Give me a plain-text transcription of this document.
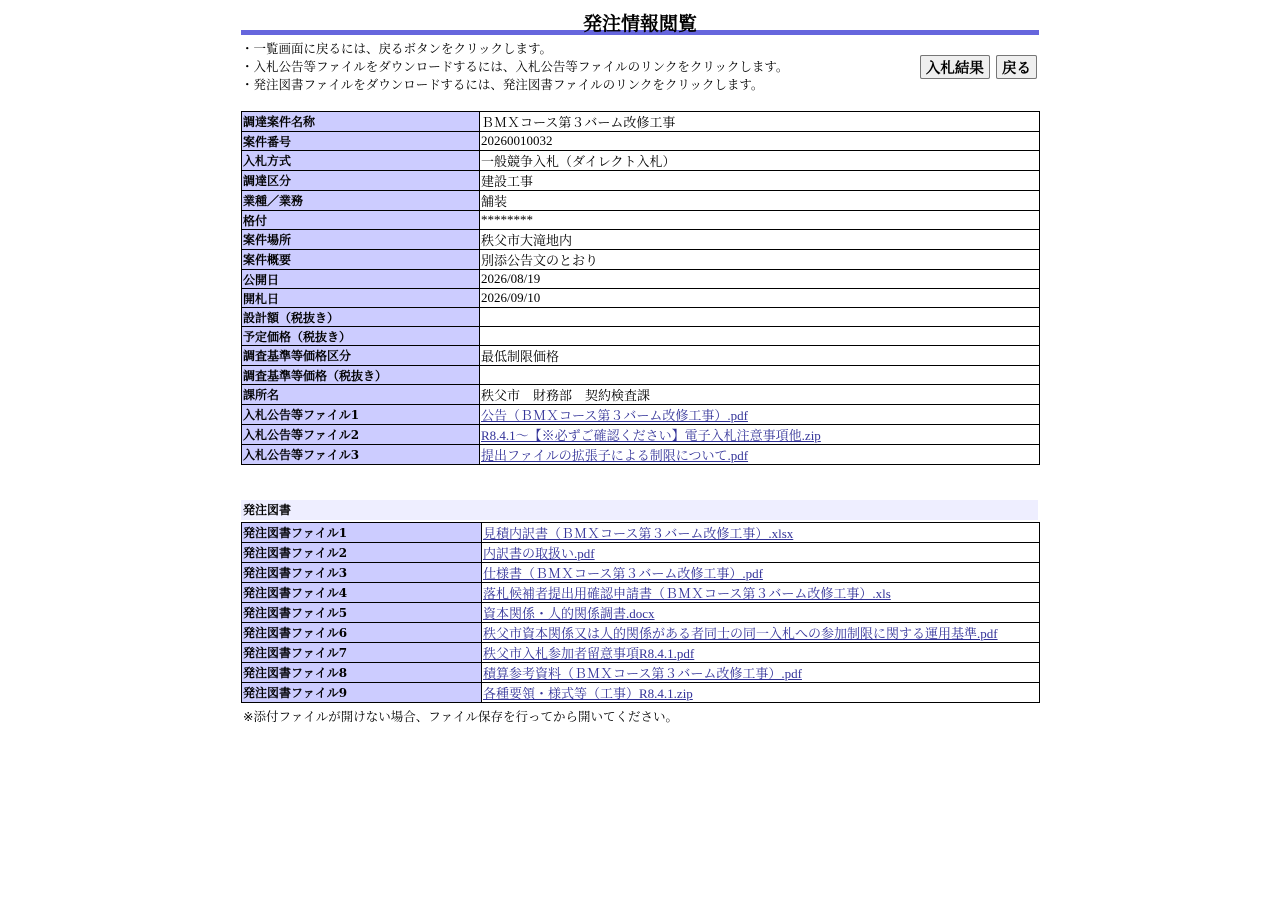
発注情報閲覧
・一覧画面に戻るには、戻るボタンをクリックします。
・入札公告等ファイルをダウンロードするには、入札公告等ファイルのリンクをクリックします。
・発注図書ファイルをダウンロードするには、発注図書ファイルのリンクをクリックします。
入札結果 戻る
調達案件名称	ＢＭＸコース第３バーム改修工事
案件番号	20260010032
入札方式	一般競争入札（ダイレクト入札）
調達区分	建設工事
業種／業務	舗装
格付	********
案件場所	秩父市大滝地内
案件概要	別添公告文のとおり
公開日	2026/08/19
開札日	2026/09/10
設計額（税抜き）	
予定価格（税抜き）	
調査基準等価格区分	最低制限価格
調査基準等価格（税抜き）	
課所名	秩父市　財務部　契約検査課
入札公告等ファイル1	公告（ＢＭＸコース第３バーム改修工事）.pdf
入札公告等ファイル2	R8.4.1～【※必ずご確認ください】電子入札注意事項他.zip
入札公告等ファイル3	提出ファイルの拡張子による制限について.pdf
発注図書
発注図書ファイル1	見積内訳書（ＢＭＸコース第３バーム改修工事）.xlsx
発注図書ファイル2	内訳書の取扱い.pdf
発注図書ファイル3	仕様書（ＢＭＸコース第３バーム改修工事）.pdf
発注図書ファイル4	落札候補者提出用確認申請書（ＢＭＸコース第３バーム改修工事）.xls
発注図書ファイル5	資本関係・人的関係調書.docx
発注図書ファイル6	秩父市資本関係又は人的関係がある者同士の同一入札への参加制限に関する運用基準.pdf
発注図書ファイル7	秩父市入札参加者留意事項R8.4.1.pdf
発注図書ファイル8	積算参考資料（ＢＭＸコース第３バーム改修工事）.pdf
発注図書ファイル9	各種要領・様式等（工事）R8.4.1.zip
※添付ファイルが開けない場合、ファイル保存を行ってから開いてください。
